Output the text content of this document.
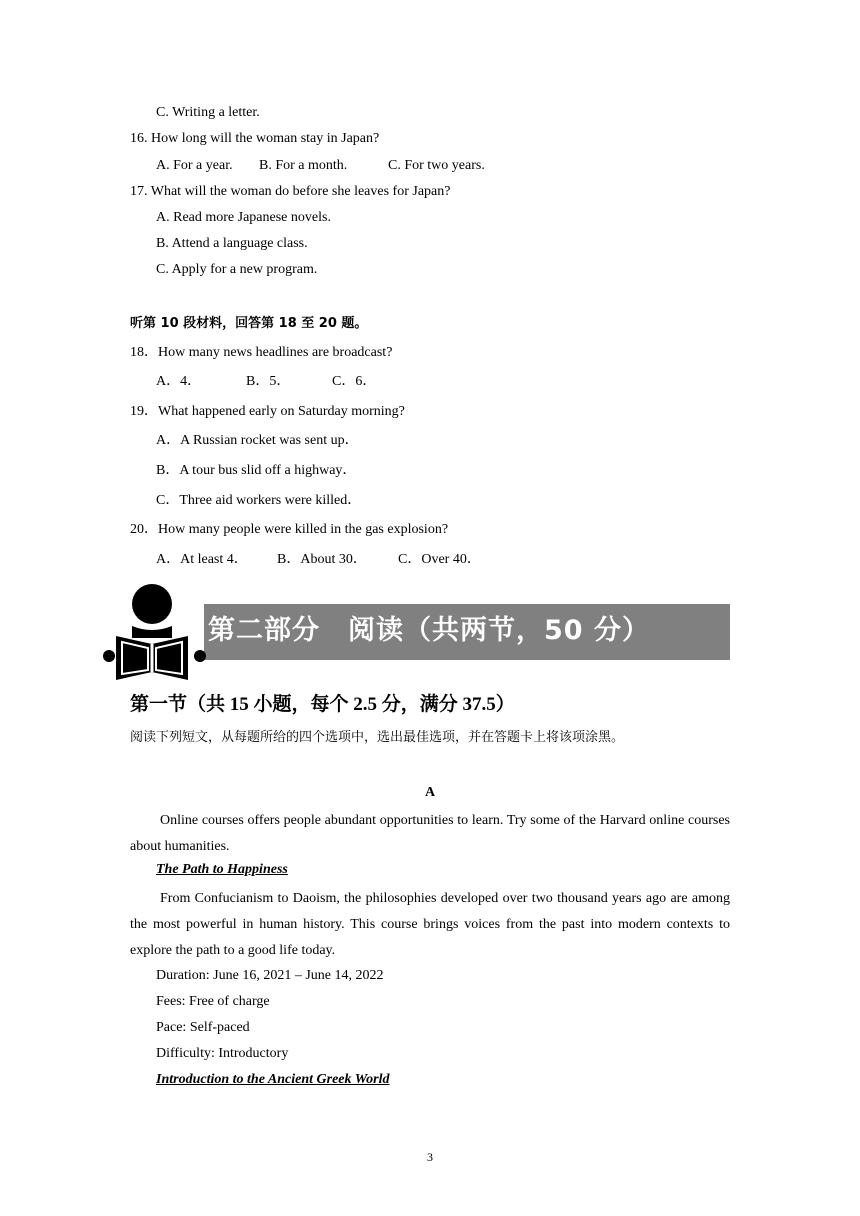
C. Writing a letter.
16. How long will the woman stay in Japan?
A. For a year. B. For a month.	C. For two years.
17. What will the woman do before she leaves for Japan?
A. Read more Japanese novels.
B. Attend a language class.
C. Apply for a new program.
听第 10 段材料，回答第 18 至 20 题。
18．How many news headlines are broadcast?
A．4．	B．5．	C．6．
19．What happened early on Saturday morning?
A．A Russian rocket was sent up．
B．A tour bus slid off a highway．
C．Three aid workers were killed．
20．How many people were killed in the gas explosion?
A．At least 4． B．About 30． C．Over 40．
第二部分　阅读（共两节，50 分）
第一节（共 15 小题，每个 2.5 分，满分 37.5）
阅读下列短文，从每题所给的四个选项中，选出最佳选项，并在答题卡上将该项涂黑。
A
Online courses offers people abundant opportunities to learn. Try some of the Harvard online courses about humanities.
The Path to Happiness
From Confucianism to Daoism, the philosophies developed over two thousand years ago are among the most powerful in human history. This course brings voices from the past into modern contexts to explore the path to a good life today.
Duration: June 16, 2021 – June 14, 2022
Fees: Free of charge
Pace: Self-paced
Difficulty: Introductory
Introduction to the Ancient Greek World
3
